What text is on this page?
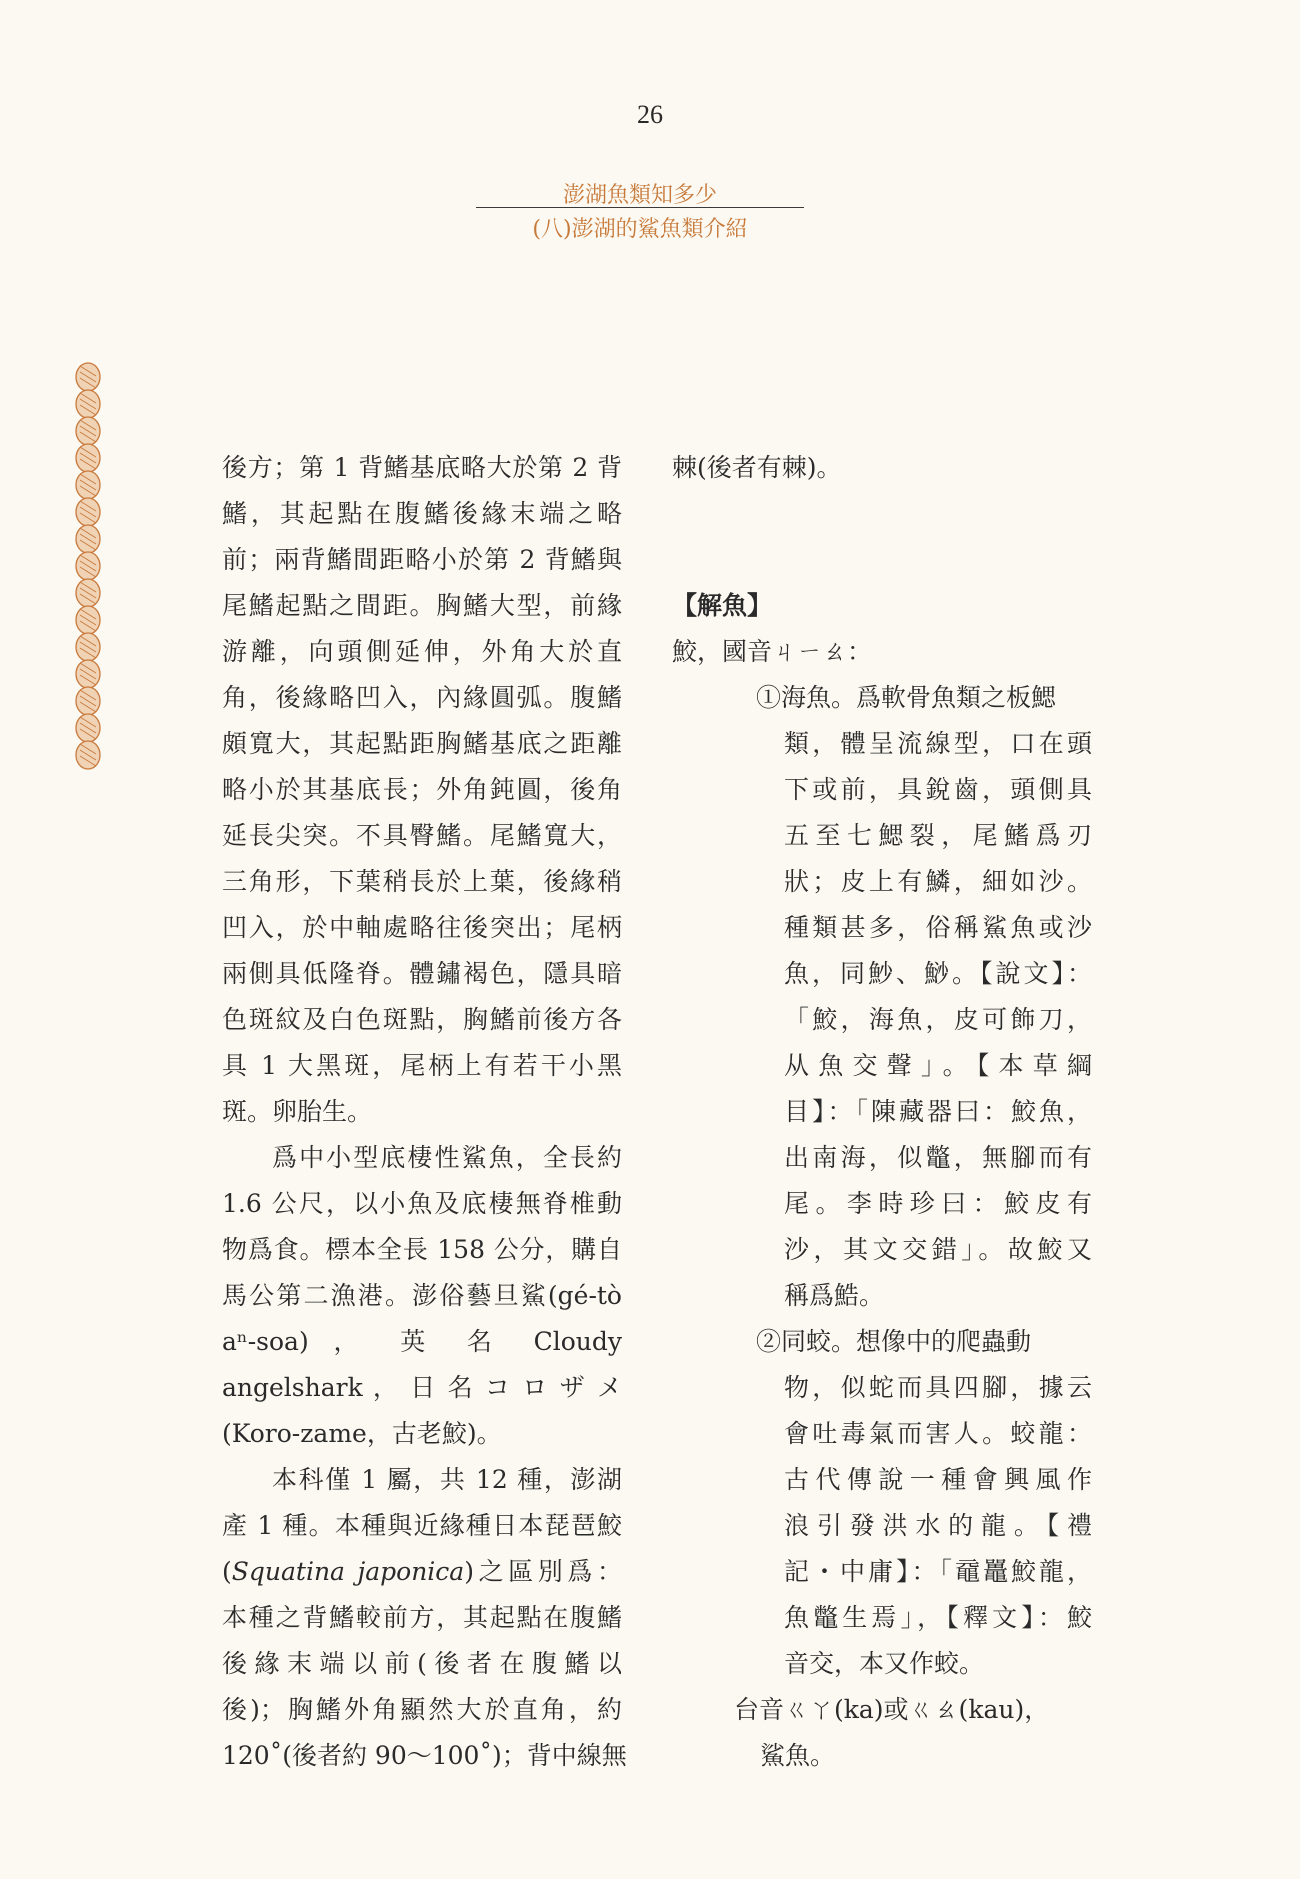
26
澎湖魚類知多少
(八)澎湖的鯊魚類介紹

後方；第 1 背鰭基底略大於第 2 背
鰭，其起點在腹鰭後緣末端之略
前；兩背鰭間距略小於第 2 背鰭與
尾鰭起點之間距。胸鰭大型，前緣
游離，向頭側延伸，外角大於直
角，後緣略凹入，內緣圓弧。腹鰭
頗寬大，其起點距胸鰭基底之距離
略小於其基底長；外角鈍圓，後角
延長尖突。不具臀鰭。尾鰭寬大，
三角形，下葉稍長於上葉，後緣稍
凹入，於中軸處略往後突出；尾柄
兩側具低隆脊。體鏽褐色，隱具暗
色斑紋及白色斑點，胸鰭前後方各
具 1 大黑斑，尾柄上有若干小黑
斑。卵胎生。

爲中小型底棲性鯊魚，全長約
1.6 公尺，以小魚及底棲無脊椎動
物爲食。標本全長 158 公分，購自
馬公第二漁港。澎俗藝旦鯊(gé-tò
aⁿ-soa) ， 英 名 Cloudy
angelshark ， 日 名 コ ロ ザ メ
(Koro-zame，古老鮫)。

本科僅 1 屬，共 12 種，澎湖
產 1 種。本種與近緣種日本琵琶鮫
(Squatina japonica)之區別爲：
本種之背鰭較前方，其起點在腹鰭
後緣末端以前(後者在腹鰭以
後)；胸鰭外角顯然大於直角，約
120˚(後者約 90～100˚)；背中線無

棘(後者有棘)。

【解魚】

鮫，國音ㄐㄧㄠ：

①海魚。爲軟骨魚類之板鰓
類，體呈流線型，口在頭
下或前，具銳齒，頭側具
五至七鰓裂，尾鰭爲刃
狀；皮上有鱗，細如沙。
種類甚多，俗稱鯊魚或沙
魚，同魦、鯋。【說文】：
「鮫，海魚，皮可飾刀，
从魚交聲」。【本草綱
目】：「陳藏器曰：鮫魚，
出南海，似鼈，無腳而有
尾。李時珍曰：鮫皮有
沙，其文交錯」。故鮫又
稱爲鯌。
②同蛟。想像中的爬蟲動
物，似蛇而具四腳，據云
會吐毒氣而害人。蛟龍：
古代傳說一種會興風作
浪引發洪水的龍。【禮
記・中庸】：「黿鼉鮫龍，
魚鼈生焉」，【釋文】：鮫
音交，本又作蛟。

台音ㄍㄚ(ka)或ㄍㄠ(kau)，

鯊魚。
